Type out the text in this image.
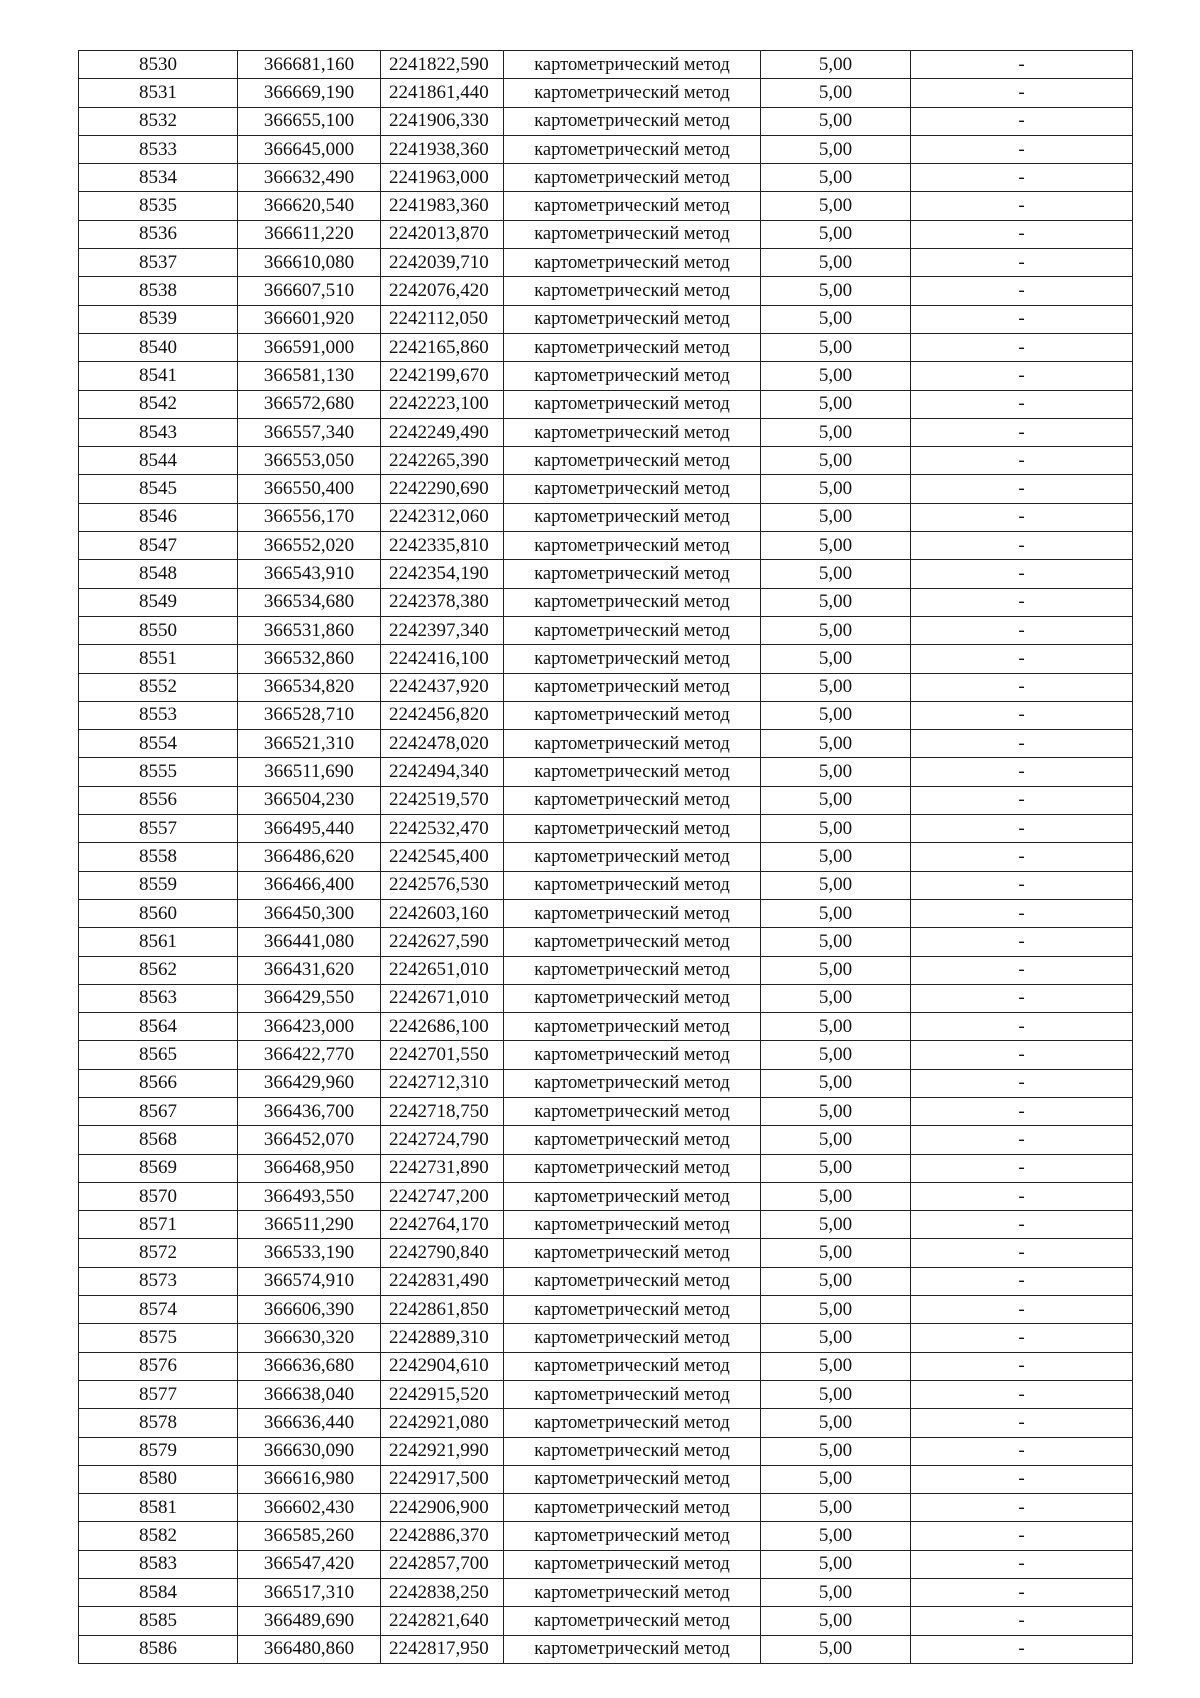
8530	366681,160	2241822,590	картометрический метод	5,00	-
8531	366669,190	2241861,440	картометрический метод	5,00	-
8532	366655,100	2241906,330	картометрический метод	5,00	-
8533	366645,000	2241938,360	картометрический метод	5,00	-
8534	366632,490	2241963,000	картометрический метод	5,00	-
8535	366620,540	2241983,360	картометрический метод	5,00	-
8536	366611,220	2242013,870	картометрический метод	5,00	-
8537	366610,080	2242039,710	картометрический метод	5,00	-
8538	366607,510	2242076,420	картометрический метод	5,00	-
8539	366601,920	2242112,050	картометрический метод	5,00	-
8540	366591,000	2242165,860	картометрический метод	5,00	-
8541	366581,130	2242199,670	картометрический метод	5,00	-
8542	366572,680	2242223,100	картометрический метод	5,00	-
8543	366557,340	2242249,490	картометрический метод	5,00	-
8544	366553,050	2242265,390	картометрический метод	5,00	-
8545	366550,400	2242290,690	картометрический метод	5,00	-
8546	366556,170	2242312,060	картометрический метод	5,00	-
8547	366552,020	2242335,810	картометрический метод	5,00	-
8548	366543,910	2242354,190	картометрический метод	5,00	-
8549	366534,680	2242378,380	картометрический метод	5,00	-
8550	366531,860	2242397,340	картометрический метод	5,00	-
8551	366532,860	2242416,100	картометрический метод	5,00	-
8552	366534,820	2242437,920	картометрический метод	5,00	-
8553	366528,710	2242456,820	картометрический метод	5,00	-
8554	366521,310	2242478,020	картометрический метод	5,00	-
8555	366511,690	2242494,340	картометрический метод	5,00	-
8556	366504,230	2242519,570	картометрический метод	5,00	-
8557	366495,440	2242532,470	картометрический метод	5,00	-
8558	366486,620	2242545,400	картометрический метод	5,00	-
8559	366466,400	2242576,530	картометрический метод	5,00	-
8560	366450,300	2242603,160	картометрический метод	5,00	-
8561	366441,080	2242627,590	картометрический метод	5,00	-
8562	366431,620	2242651,010	картометрический метод	5,00	-
8563	366429,550	2242671,010	картометрический метод	5,00	-
8564	366423,000	2242686,100	картометрический метод	5,00	-
8565	366422,770	2242701,550	картометрический метод	5,00	-
8566	366429,960	2242712,310	картометрический метод	5,00	-
8567	366436,700	2242718,750	картометрический метод	5,00	-
8568	366452,070	2242724,790	картометрический метод	5,00	-
8569	366468,950	2242731,890	картометрический метод	5,00	-
8570	366493,550	2242747,200	картометрический метод	5,00	-
8571	366511,290	2242764,170	картометрический метод	5,00	-
8572	366533,190	2242790,840	картометрический метод	5,00	-
8573	366574,910	2242831,490	картометрический метод	5,00	-
8574	366606,390	2242861,850	картометрический метод	5,00	-
8575	366630,320	2242889,310	картометрический метод	5,00	-
8576	366636,680	2242904,610	картометрический метод	5,00	-
8577	366638,040	2242915,520	картометрический метод	5,00	-
8578	366636,440	2242921,080	картометрический метод	5,00	-
8579	366630,090	2242921,990	картометрический метод	5,00	-
8580	366616,980	2242917,500	картометрический метод	5,00	-
8581	366602,430	2242906,900	картометрический метод	5,00	-
8582	366585,260	2242886,370	картометрический метод	5,00	-
8583	366547,420	2242857,700	картометрический метод	5,00	-
8584	366517,310	2242838,250	картометрический метод	5,00	-
8585	366489,690	2242821,640	картометрический метод	5,00	-
8586	366480,860	2242817,950	картометрический метод	5,00	-
